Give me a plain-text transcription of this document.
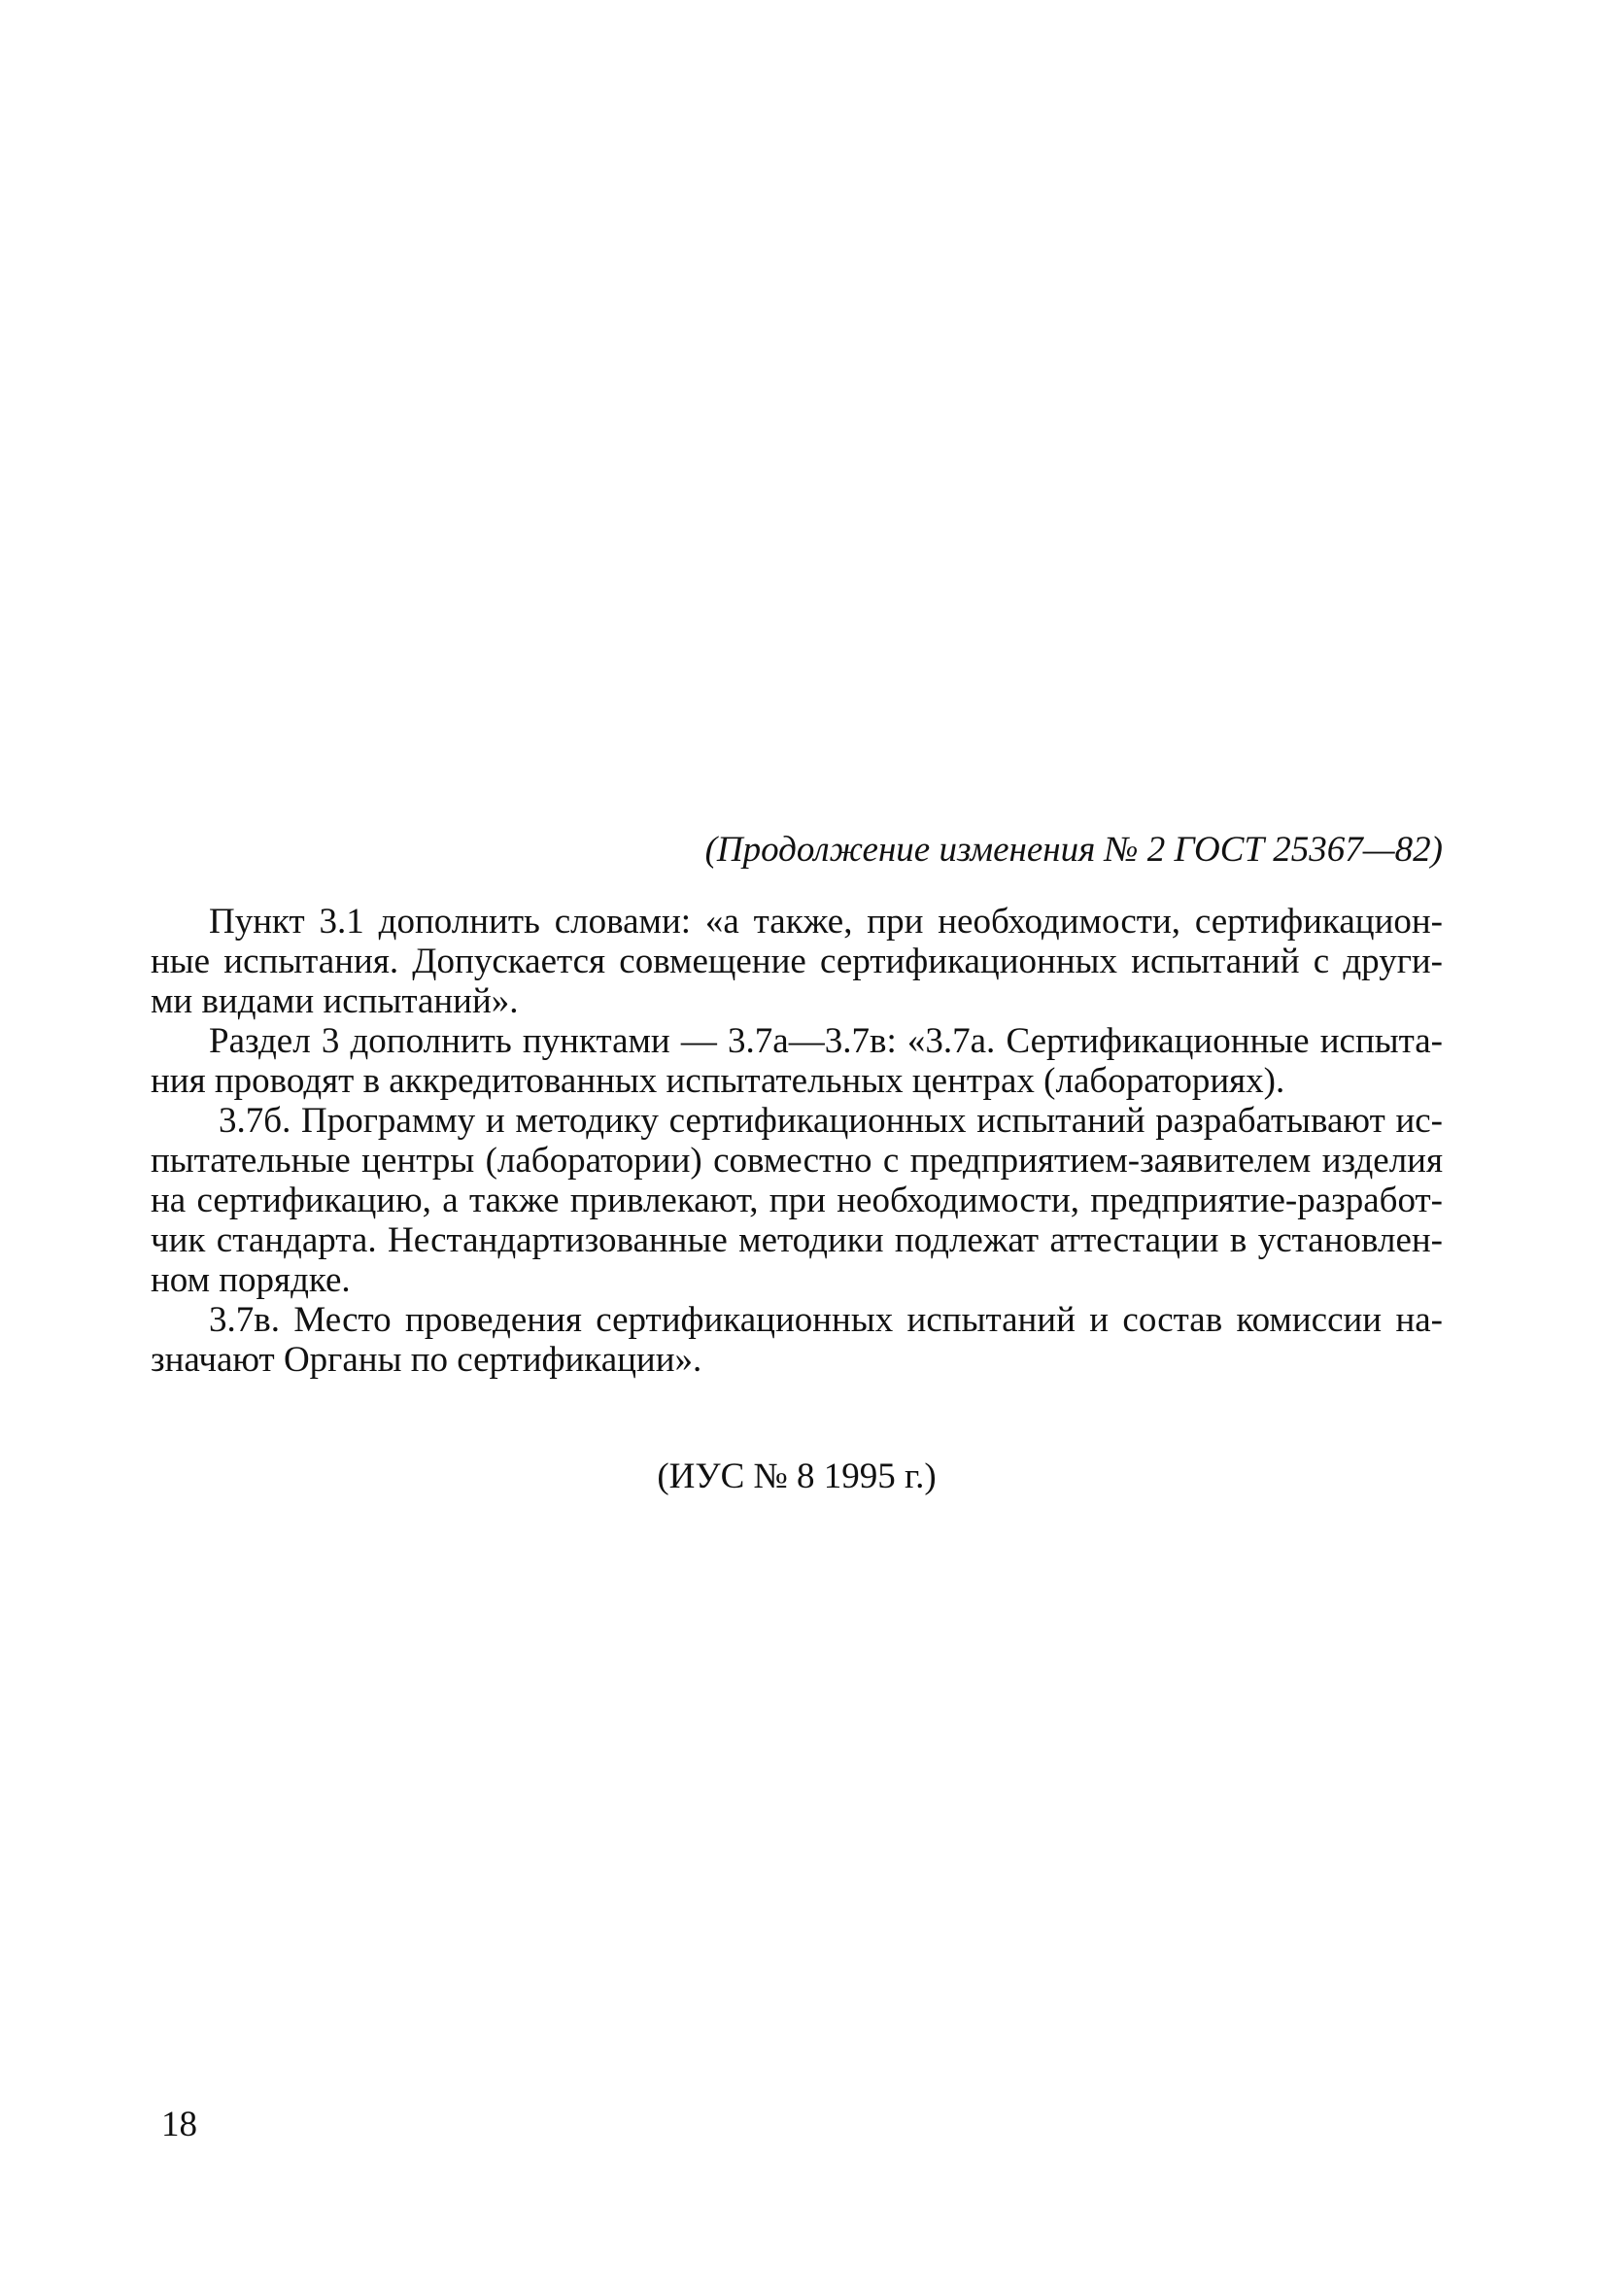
(Продолжение изменения № 2 ГОСТ 25367—82)
Пункт 3.1 дополнить словами: «а также, при необходимости, сертификацион-
ные испытания. Допускается совмещение сертификационных испытаний с други-
ми видами испытаний».
Раздел 3 дополнить пунктами — 3.7а—3.7в: «3.7а. Сертификационные испыта-
ния проводят в аккредитованных испытательных центрах (лабораториях).
3.7б. Программу и методику сертификационных испытаний разрабатывают ис-
пытательные центры (лаборатории) совместно с предприятием-заявителем изделия
на сертификацию, а также привлекают, при необходимости, предприятие-разработ-
чик стандарта. Нестандартизованные методики подлежат аттестации в установлен-
ном порядке.
3.7в. Место проведения сертификационных испытаний и состав комиссии на-
значают Органы по сертификации».
(ИУС № 8 1995 г.)
18
